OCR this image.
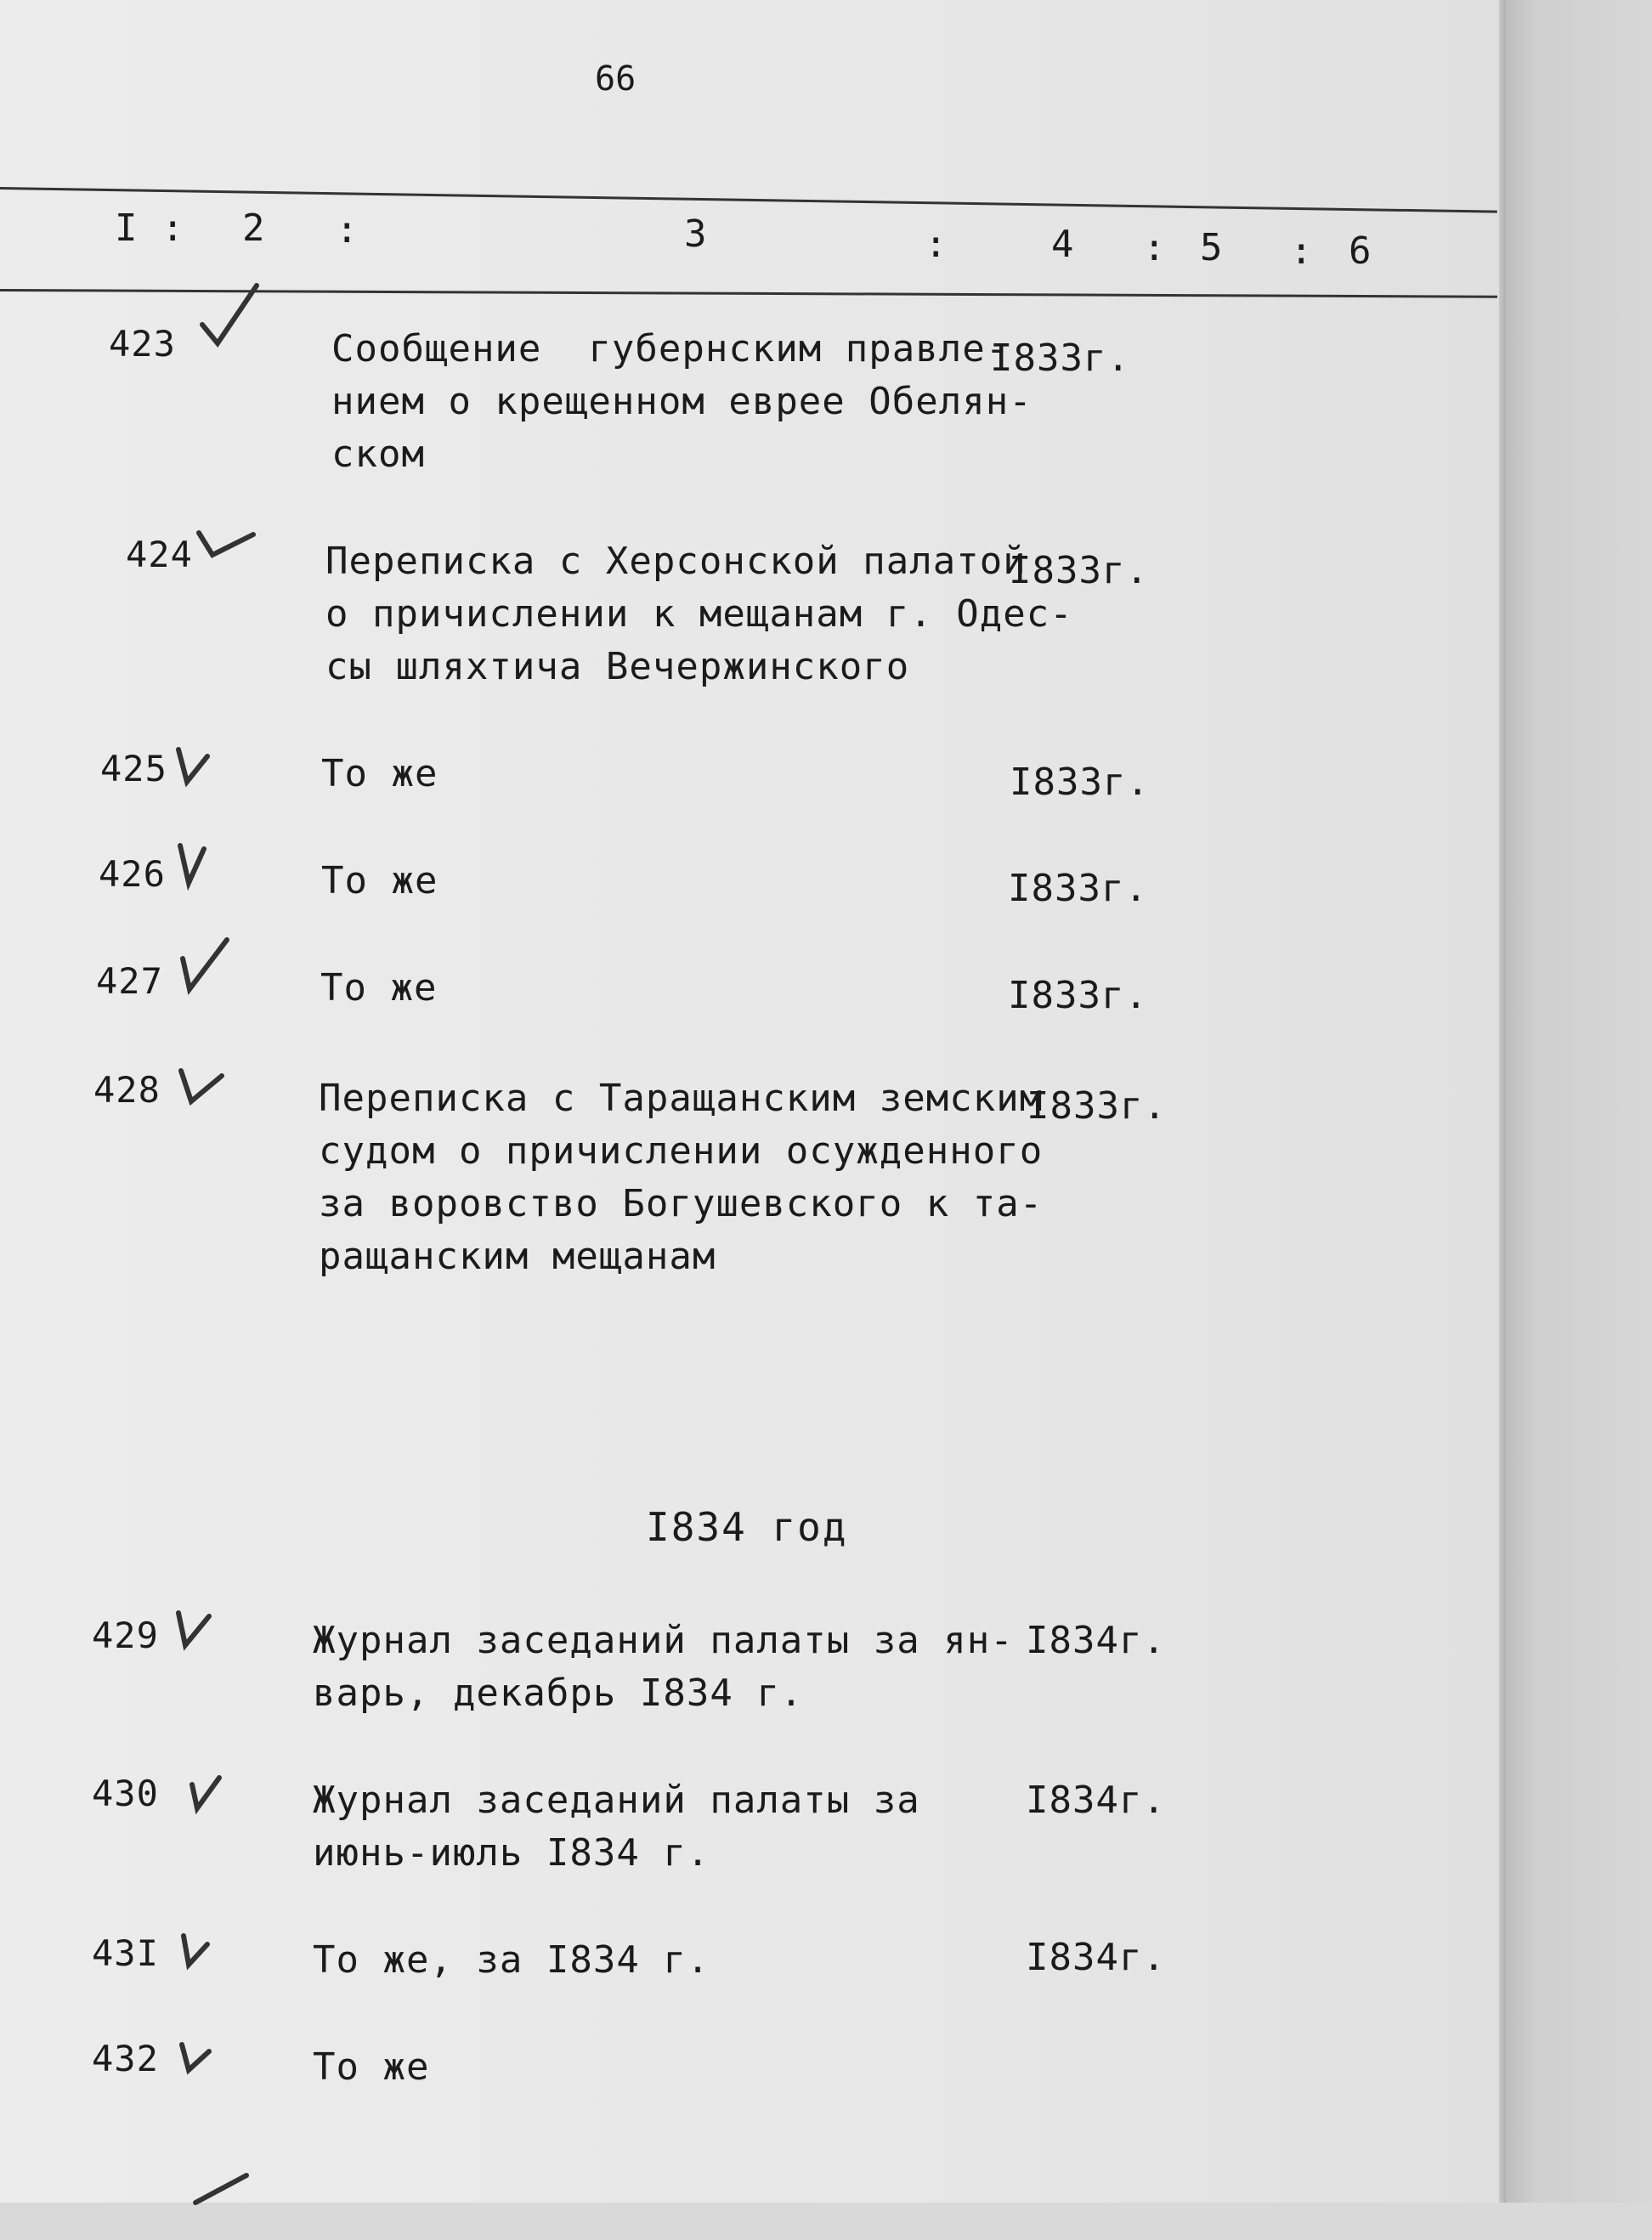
66
I : 2 :	3	:	4 : 5 : 6
423	Сообщение  губернским правле-
нием о крещенном еврее Обелян-
ском
I833г.
424	Переписка с Херсонской палатой
о причислении к мещанам г. Одес-
сы шляхтича Вечержинского
I833г.
425	То же	I833г.
426	То же	I833г.
427	То же	I833г.
428	Переписка с Таращанским земским
судом о причислении осужденного
за воровство Богушевского к та-
ращанским мещанам
I833г.
I834 год
429	Журнал заседаний палаты за ян-
варь, декабрь I834 г.
I834г.
430	Журнал заседаний палаты за
июнь-июль I834 г.
I834г.
43I	То же, за I834 г.	I834г.
432	То же
